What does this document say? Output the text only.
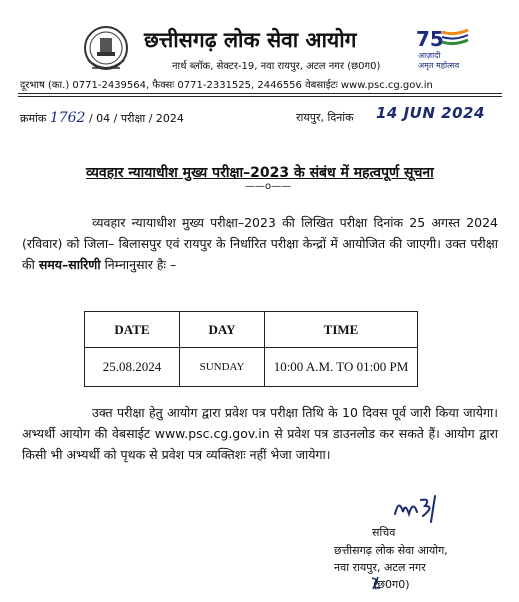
छत्तीसगढ़ लोक सेवा आयोग
नार्थ ब्लॉक, सेक्टर-19, नवा रायपुर, अटल नगर (छ0ग0)
75
आज़ादी
अमृत महोत्सव
दूरभाष (का.) 0771-2439564, फैक्सः 0771-2331525, 2446556 वेबसाईटः www.psc.cg.gov.in
क्रमांक 1762 / 04 / परीक्षा / 2024	रायपुर, दिनांक 14 JUN 2024
व्यवहार न्यायाधीश मुख्य परीक्षा–2023 के संबंध में महत्वपूर्ण सूचना
——o——
व्यवहार न्यायाधीश मुख्य परीक्षा–2023 की लिखित परीक्षा दिनांक 25 अगस्त 2024 (रविवार) को जिला– बिलासपुर एवं रायपुर के निर्धारित परीक्षा केन्द्रों में आयोजित की जाएगी। उक्त परीक्षा की समय–सारिणी निम्नानुसार हैः –
DATE	DAY	TIME
25.08.2024	SUNDAY	10:00 A.M. TO 01:00 PM
उक्त परीक्षा हेतु आयोग द्वारा प्रवेश पत्र परीक्षा तिथि के 10 दिवस पूर्व जारी किया जायेगा। अभ्यर्थी आयोग की वेबसाईट www.psc.cg.gov.in से प्रवेश पत्र डाउनलोड कर सकते हैं। आयोग द्वारा किसी भी अभ्यर्थी को पृथक से प्रवेश पत्र व्यक्तिशः नहीं भेजा जायेगा।
सचिव
छत्तीसगढ़ लोक सेवा आयोग,
नवा रायपुर, अटल नगर
(छ0ग0)
